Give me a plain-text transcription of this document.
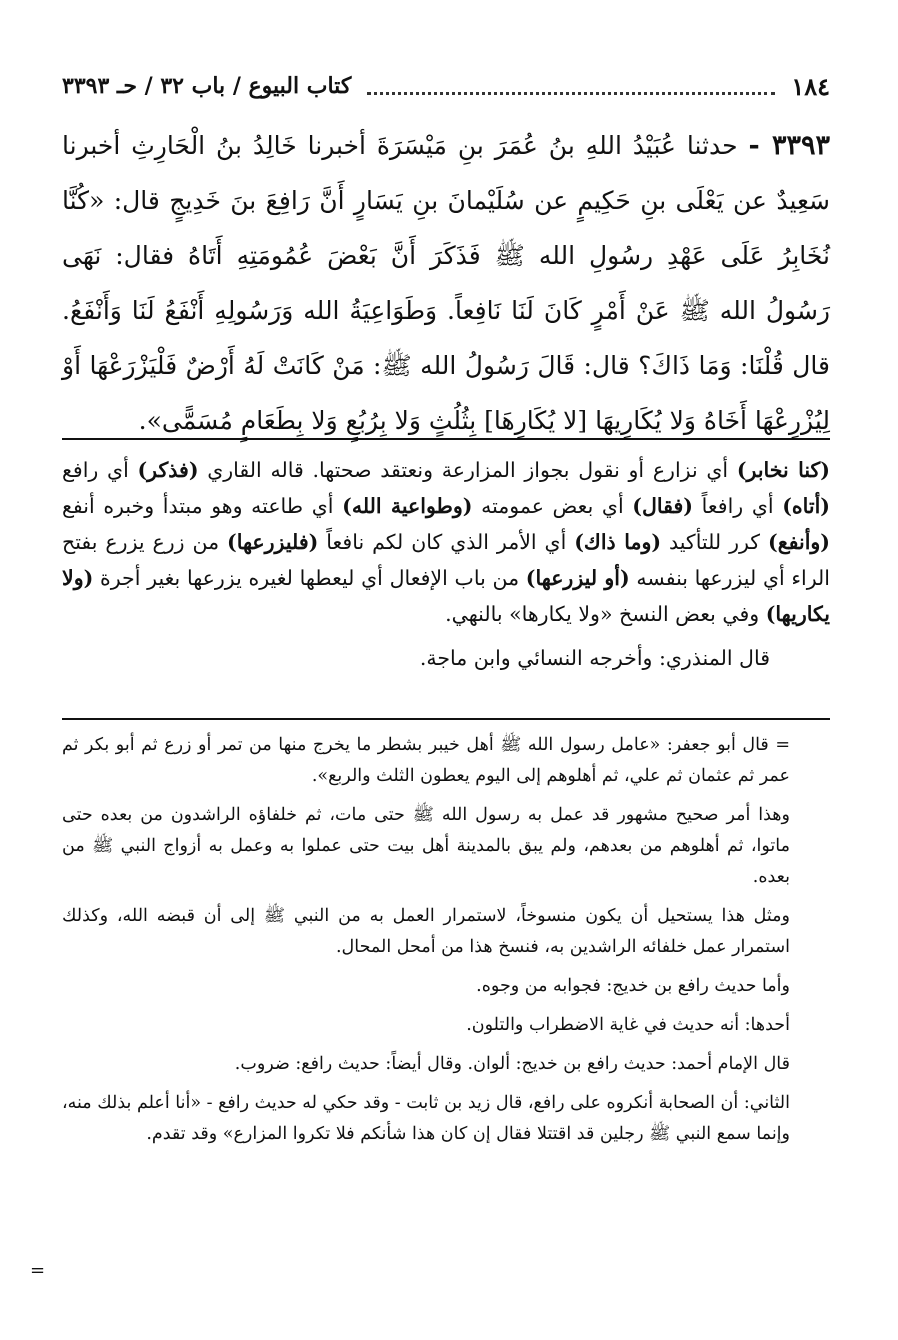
١٨٤
كتاب البيوع / باب ٣٢ / حـ ٣٣٩٣
٣٣٩٣ - حدثنا عُبَيْدُ اللهِ بنُ عُمَرَ بنِ مَيْسَرَةَ أخبرنا خَالِدُ بنُ الْحَارِثِ أخبرنا سَعِيدٌ عن يَعْلَى بنِ حَكِيمٍ عن سُلَيْمانَ بنِ يَسَارٍ أَنَّ رَافِعَ بنَ خَدِيجٍ قال: «كُنَّا نُخَابِرُ عَلَى عَهْدِ رسُولِ الله ﷺ فَذَكَرَ أَنَّ بَعْضَ عُمُومَتِهِ أَتَاهُ فقال: نَهَى رَسُولُ الله ﷺ عَنْ أَمْرٍ كَانَ لَنَا نَافِعاً. وَطَوَاعِيَةُ الله وَرَسُولِهِ أَنْفَعُ لَنَا وَأَنْفَعُ. قال قُلْنَا: وَمَا ذَاكَ؟ قال: قَالَ رَسُولُ الله ﷺ: مَنْ كَانَتْ لَهُ أَرْضٌ فَلْيَزْرَعْهَا أَوْ لِيُزْرِعْهَا أَخَاهُ وَلا يُكَارِيهَا [لا يُكَارِهَا] بِثُلُثٍ وَلا بِرُبُعٍ وَلا بِطَعَامٍ مُسَمًّى».

(كنا نخابر) أي نزارع أو نقول بجواز المزارعة ونعتقد صحتها. قاله القاري (فذكر) أي رافع (أتاه) أي رافعاً (فقال) أي بعض عمومته (وطواعية الله) أي طاعته وهو مبتدأ وخبره أنفع (وأنفع) كرر للتأكيد (وما ذاك) أي الأمر الذي كان لكم نافعاً (فليزرعها) من زرع يزرع بفتح الراء أي ليزرعها بنفسه (أو ليزرعها) من باب الإفعال أي ليعطها لغيره يزرعها بغير أجرة (ولا يكاريها) وفي بعض النسخ «ولا يكارها» بالنهي.

قال المنذري: وأخرجه النسائي وابن ماجة.

= قال أبو جعفر: «عامل رسول الله ﷺ أهل خيبر بشطر ما يخرج منها من تمر أو زرع ثم أبو بكر ثم عمر ثم عثمان ثم علي، ثم أهلوهم إلى اليوم يعطون الثلث والربع».

وهذا أمر صحيح مشهور قد عمل به رسول الله ﷺ حتى مات، ثم خلفاؤه الراشدون من بعده حتى ماتوا، ثم أهلوهم من بعدهم، ولم يبق بالمدينة أهل بيت حتى عملوا به وعمل به أزواج النبي ﷺ من بعده.

ومثل هذا يستحيل أن يكون منسوخاً، لاستمرار العمل به من النبي ﷺ إلى أن قبضه الله، وكذلك استمرار عمل خلفائه الراشدين به، فنسخ هذا من أمحل المحال.

وأما حديث رافع بن خديج: فجوابه من وجوه.

أحدها: أنه حديث في غاية الاضطراب والتلون.

قال الإمام أحمد: حديث رافع بن خديج: ألوان. وقال أيضاً: حديث رافع: ضروب.

الثاني: أن الصحابة أنكروه على رافع، قال زيد بن ثابت - وقد حكي له حديث رافع - «أنا أعلم بذلك منه، وإنما سمع النبي ﷺ رجلين قد اقتتلا فقال إن كان هذا شأنكم فلا تكروا المزارع» وقد تقدم.

=
